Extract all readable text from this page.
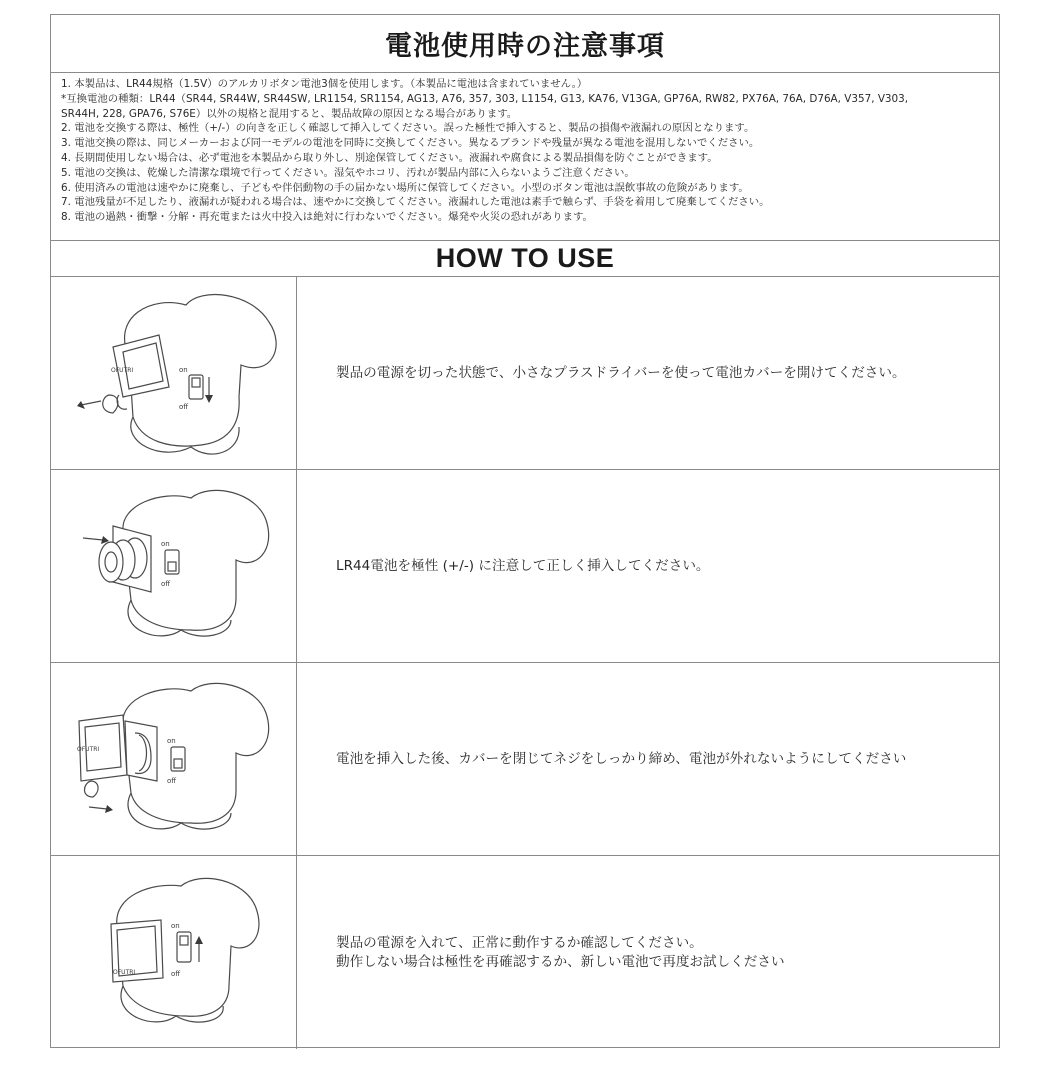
電池使用時の注意事項

1. 本製品は、LR44規格（1.5V）のアルカリボタン電池3個を使用します。（本製品に電池は含まれていません。）

*互換電池の種類：LR44（SR44, SR44W, SR44SW, LR1154, SR1154, AG13, A76, 357, 303, L1154, G13, KA76, V13GA, GP76A, RW82, PX76A, 76A, D76A, V357, V303,

SR44H, 228, GPA76, S76E）以外の規格と混用すると、製品故障の原因となる場合があります。

2. 電池を交換する際は、極性（+/-）の向きを正しく確認して挿入してください。誤った極性で挿入すると、製品の損傷や液漏れの原因となります。

3. 電池交換の際は、同じメーカーおよび同一モデルの電池を同時に交換してください。異なるブランドや残量が異なる電池を混用しないでください。

4. 長期間使用しない場合は、必ず電池を本製品から取り外し、別途保管してください。液漏れや腐食による製品損傷を防ぐことができます。

5. 電池の交換は、乾燥した清潔な環境で行ってください。湿気やホコリ、汚れが製品内部に入らないようご注意ください。

6. 使用済みの電池は速やかに廃棄し、子どもや伴侶動物の手の届かない場所に保管してください。小型のボタン電池は誤飲事故の危険があります。

7. 電池残量が不足したり、液漏れが疑われる場合は、速やかに交換してください。液漏れした電池は素手で触らず、手袋を着用して廃棄してください。

8. 電池の過熱・衝撃・分解・再充電または火中投入は絶対に行わないでください。爆発や火災の恐れがあります。

HOW TO USE
OFUTRI	on
off
製品の電源を切った状態で、小さなプラスドライバーを使って電池カバーを開けてください。
on
off
LR44電池を極性 (+/-) に注意して正しく挿入してください。
OFUTRI
on
off
電池を挿入した後、カバーを閉じてネジをしっかり締め、電池が外れないようにしてください
OFUTRI
on
off
製品の電源を入れて、正常に動作するか確認してください。
動作しない場合は極性を再確認するか、新しい電池で再度お試しください
